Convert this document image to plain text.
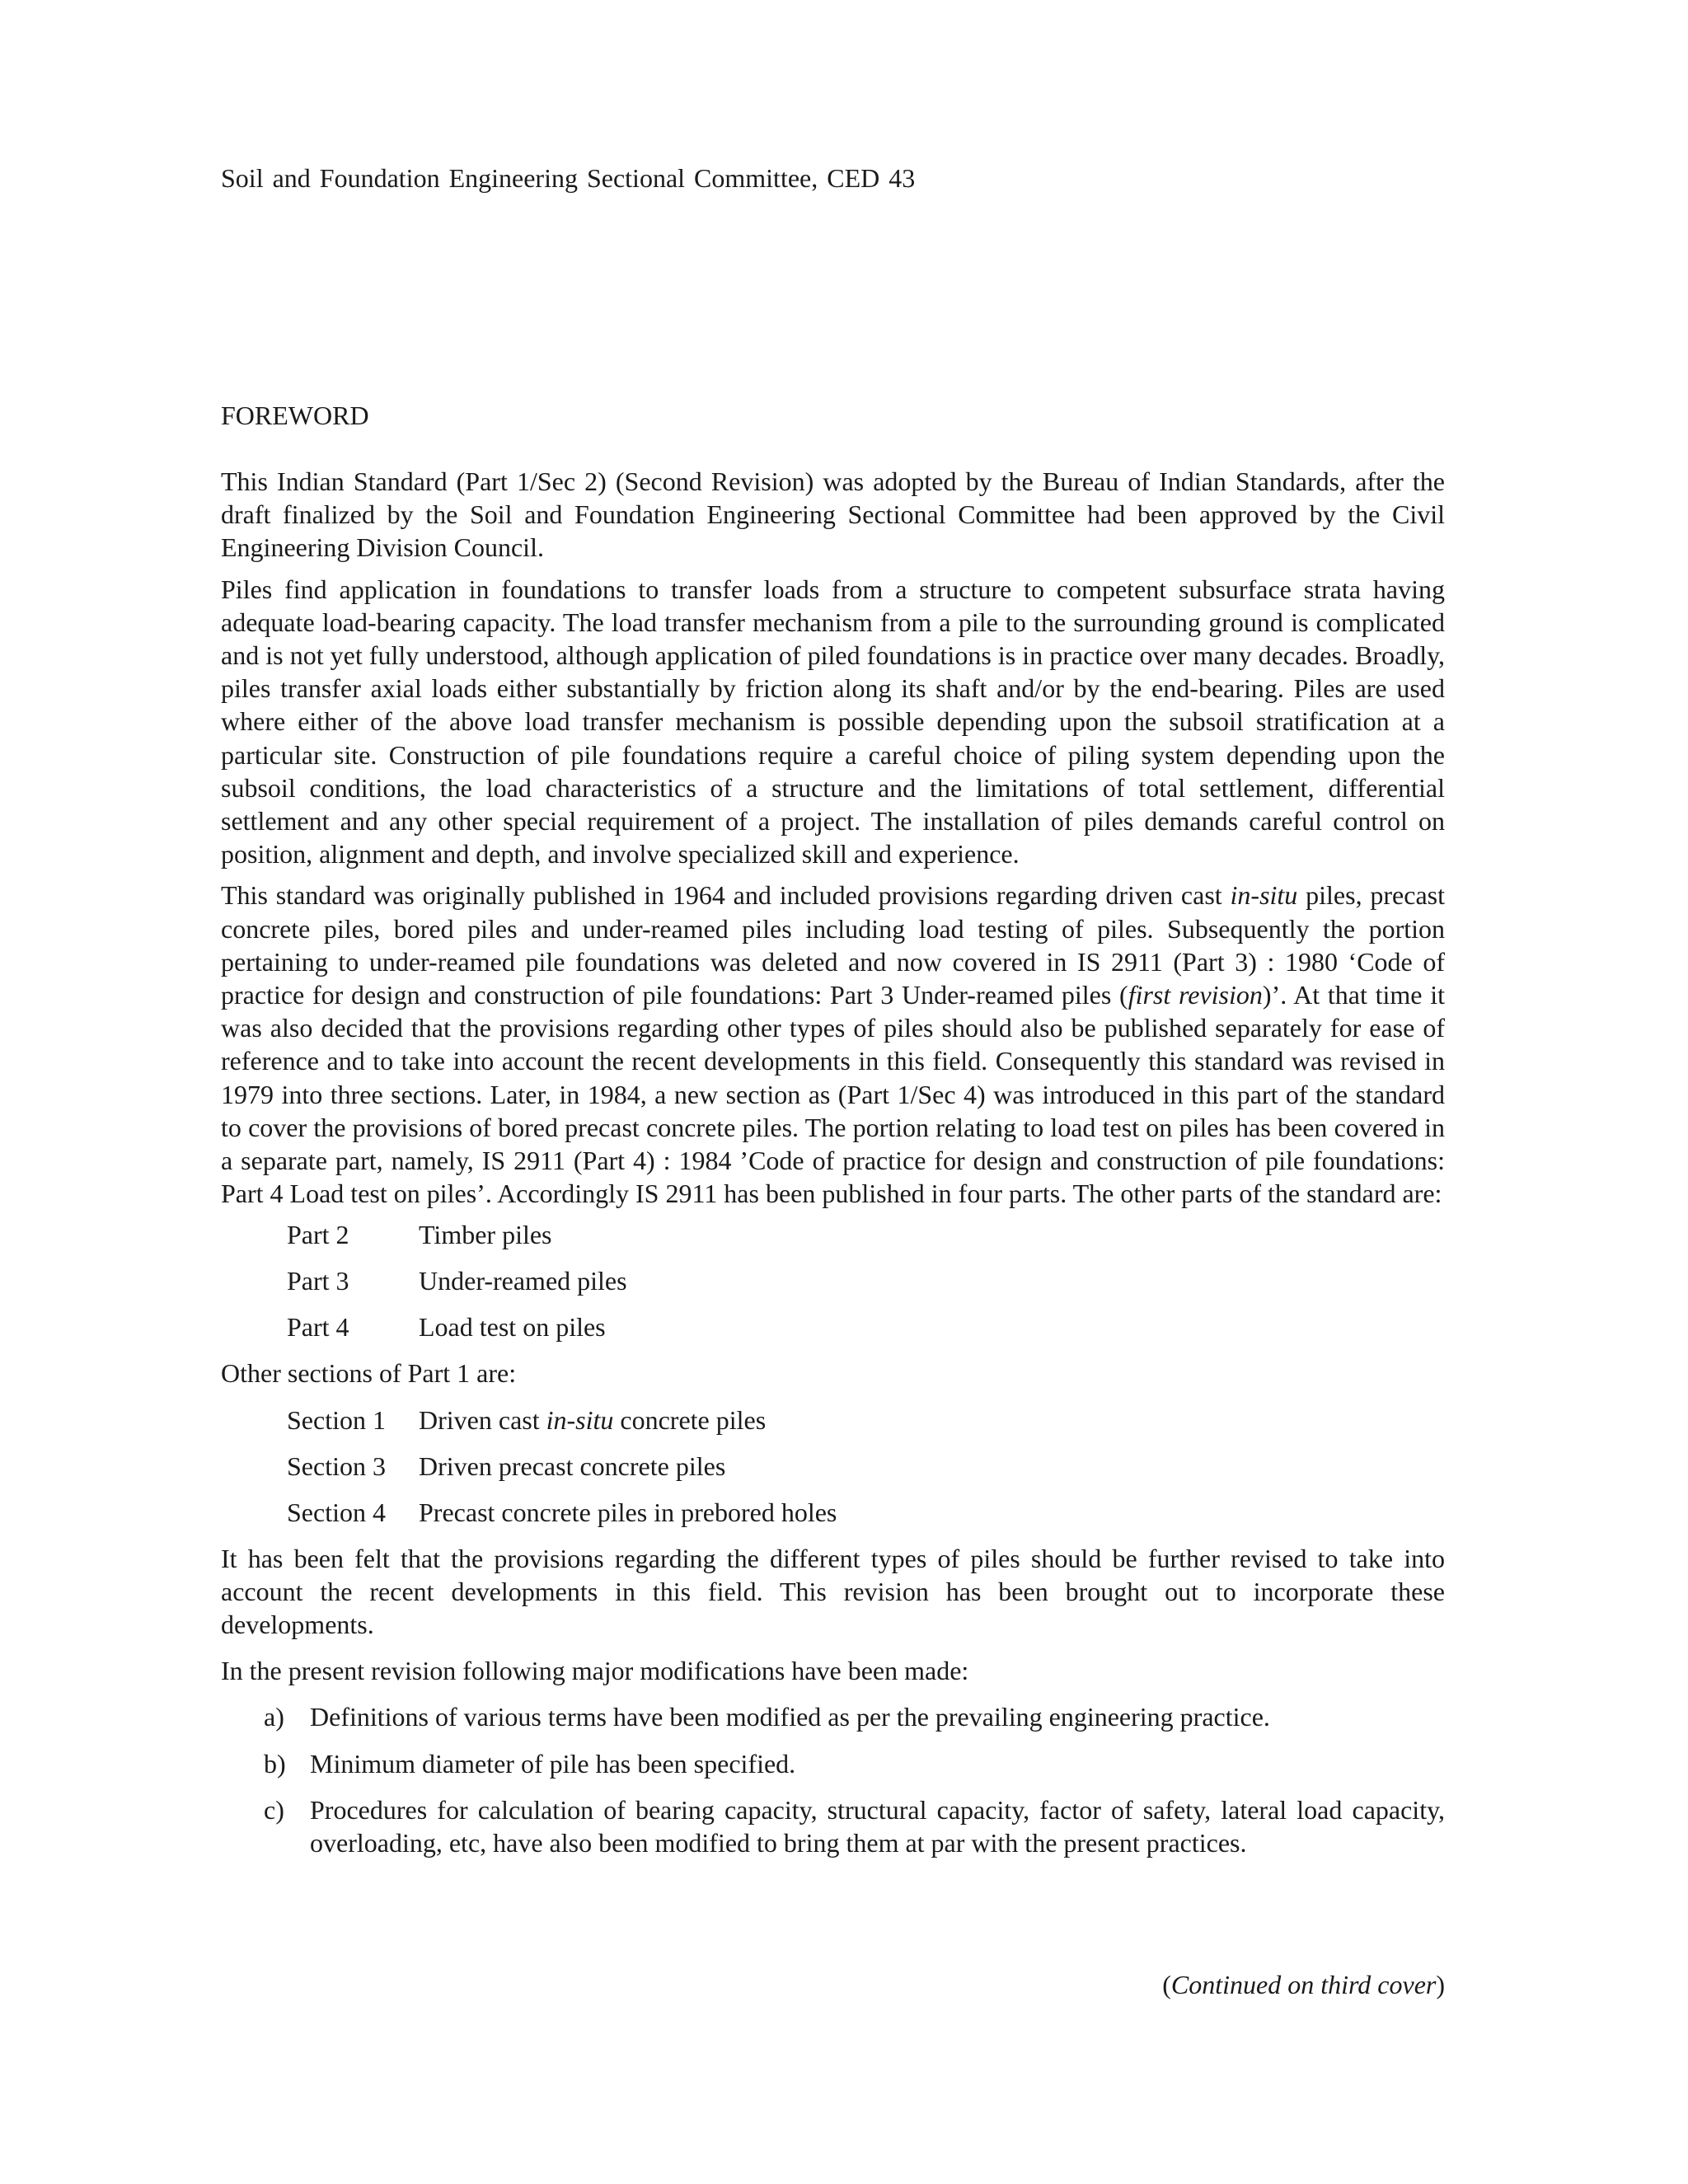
Soil and Foundation Engineering Sectional Committee, CED 43
FOREWORD

This Indian Standard (Part 1/Sec 2) (Second Revision) was adopted by the Bureau of Indian Standards, after the draft finalized by the Soil and Foundation Engineering Sectional Committee had been approved by the Civil Engineering Division Council.

Piles find application in foundations to transfer loads from a structure to competent subsurface strata having adequate load-bearing capacity. The load transfer mechanism from a pile to the surrounding ground is complicated and is not yet fully understood, although application of piled foundations is in practice over many decades. Broadly, piles transfer axial loads either substantially by friction along its shaft and/or by the end-bearing. Piles are used where either of the above load transfer mechanism is possible depending upon the subsoil stratification at a particular site. Construction of pile foundations require a careful choice of piling system depending upon the subsoil conditions, the load characteristics of a structure and the limitations of total settlement, differential settlement and any other special requirement of a project. The installation of piles demands careful control on position, alignment and depth, and involve specialized skill and experience.

This standard was originally published in 1964 and included provisions regarding driven cast in-situ piles, precast concrete piles, bored piles and under-reamed piles including load testing of piles. Subsequently the portion pertaining to under-reamed pile foundations was deleted and now covered in IS 2911 (Part 3) : 1980 ‘Code of practice for design and construction of pile foundations: Part 3 Under-reamed piles (first revision)’. At that time it was also decided that the provisions regarding other types of piles should also be published separately for ease of reference and to take into account the recent developments in this field. Consequently this standard was revised in 1979 into three sections. Later, in 1984, a new section as (Part 1/Sec 4) was introduced in this part of the standard to cover the provisions of bored precast concrete piles. The portion relating to load test on piles has been covered in a separate part, namely, IS 2911 (Part 4) : 1984 ’Code of practice for design and construction of pile foundations: Part 4 Load test on piles’. Accordingly IS 2911 has been published in four parts. The other parts of the standard are:

Part 2	Timber piles
Part 3	Under-reamed piles
Part 4	Load test on piles

Other sections of Part 1 are:

Section 1	Driven cast in-situ concrete piles
Section 3	Driven precast concrete piles
Section 4	Precast concrete piles in prebored holes

It has been felt that the provisions regarding the different types of piles should be further revised to take into account the recent developments in this field. This revision has been brought out to incorporate these developments.

In the present revision following major modifications have been made:

a) Definitions of various terms have been modified as per the prevailing engineering practice.
b) Minimum diameter of pile has been specified.
c) Procedures for calculation of bearing capacity, structural capacity, factor of safety, lateral load capacity, overloading, etc, have also been modified to bring them at par with the present practices.
(Continued on third cover)
